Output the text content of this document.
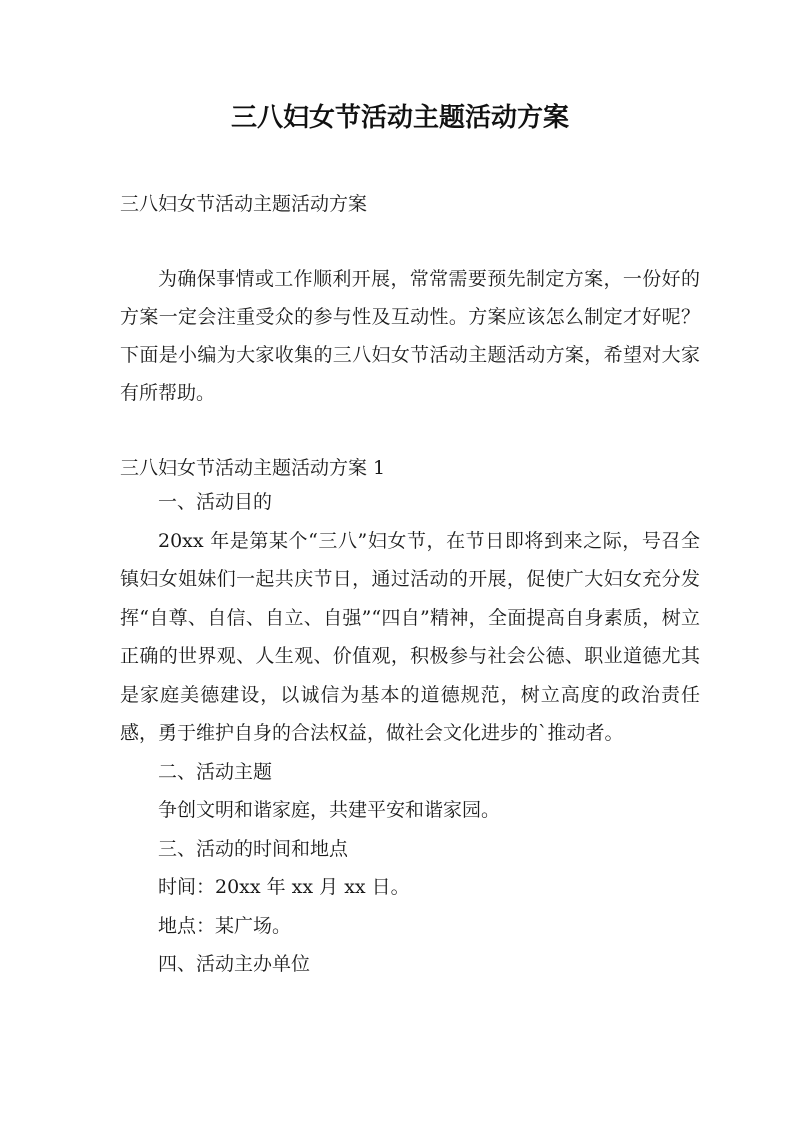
三八妇女节活动主题活动方案
三八妇女节活动主题活动方案

为确保事情或工作顺利开展，常常需要预先制定方案，一份好的方案一定会注重受众的参与性及互动性。方案应该怎么制定才好呢？下面是小编为大家收集的三八妇女节活动主题活动方案，希望对大家有所帮助。

三八妇女节活动主题活动方案 1

一、活动目的

20xx 年是第某个“三八”妇女节，在节日即将到来之际，号召全镇妇女姐妹们一起共庆节日，通过活动的开展，促使广大妇女充分发挥“自尊、自信、自立、自强”“四自”精神，全面提高自身素质，树立正确的世界观、人生观、价值观，积极参与社会公德、职业道德尤其是家庭美德建设，以诚信为基本的道德规范，树立高度的政治责任感，勇于维护自身的合法权益，做社会文化进步的`推动者。

二、活动主题

争创文明和谐家庭，共建平安和谐家园。

三、活动的时间和地点

时间：20xx 年 xx 月 xx 日。

地点：某广场。

四、活动主办单位
